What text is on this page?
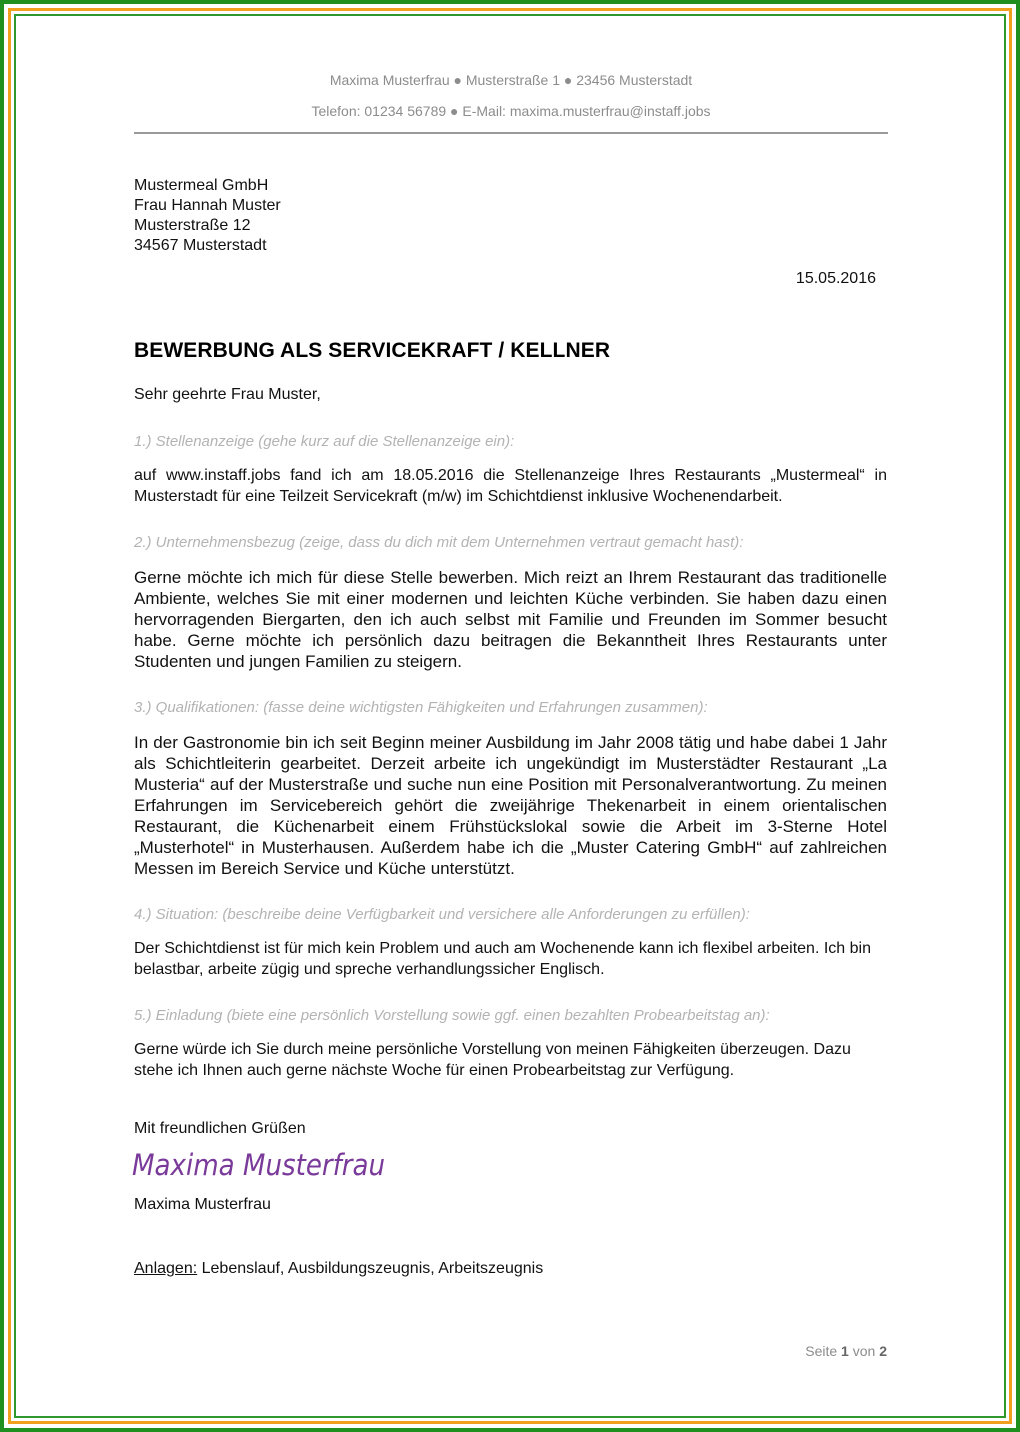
Maxima Musterfrau ● Musterstraße 1 ● 23456 Musterstadt
Telefon: 01234 56789 ● E-Mail: maxima.musterfrau@instaff.jobs
Mustermeal GmbH
Frau Hannah Muster
Musterstraße 12
34567 Musterstadt
15.05.2016
BEWERBUNG ALS SERVICEKRAFT / KELLNER
Sehr geehrte Frau Muster,
1.) Stellenanzeige (gehe kurz auf die Stellenanzeige ein):
auf www.instaff.jobs fand ich am 18.05.2016 die Stellenanzeige Ihres Restaurants „Mustermeal“ in Musterstadt für eine Teilzeit Servicekraft (m/w) im Schichtdienst inklusive Wochenendarbeit.
2.) Unternehmensbezug (zeige, dass du dich mit dem Unternehmen vertraut gemacht hast):
Gerne möchte ich mich für diese Stelle bewerben. Mich reizt an Ihrem Restaurant das traditionelle Ambiente, welches Sie mit einer modernen und leichten Küche verbinden. Sie haben dazu einen hervorragenden Biergarten, den ich auch selbst mit Familie und Freunden im Sommer besucht habe. Gerne möchte ich persönlich dazu beitragen die Bekanntheit Ihres Restaurants unter Studenten und jungen Familien zu steigern.
3.) Qualifikationen: (fasse deine wichtigsten Fähigkeiten und Erfahrungen zusammen):
In der Gastronomie bin ich seit Beginn meiner Ausbildung im Jahr 2008 tätig und habe dabei 1 Jahr als Schichtleiterin gearbeitet. Derzeit arbeite ich ungekündigt im Musterstädter Restaurant „La Musteria“ auf der Musterstraße und suche nun eine Position mit Personalverantwortung. Zu meinen Erfahrungen im Servicebereich gehört die zweijährige Thekenarbeit in einem orientalischen Restaurant, die Küchenarbeit einem Frühstückslokal sowie die Arbeit im 3-Sterne Hotel „Musterhotel“ in Musterhausen. Außerdem habe ich die „Muster Catering GmbH“ auf zahlreichen Messen im Bereich Service und Küche unterstützt.
4.) Situation: (beschreibe deine Verfügbarkeit und versichere alle Anforderungen zu erfüllen):
Der Schichtdienst ist für mich kein Problem und auch am Wochenende kann ich flexibel arbeiten. Ich bin belastbar, arbeite zügig und spreche verhandlungssicher Englisch.
5.) Einladung (biete eine persönlich Vorstellung sowie ggf. einen bezahlten Probearbeitstag an):
Gerne würde ich Sie durch meine persönliche Vorstellung von meinen Fähigkeiten überzeugen. Dazu stehe ich Ihnen auch gerne nächste Woche für einen Probearbeitstag zur Verfügung.
Mit freundlichen Grüßen
Maxima Musterfrau
Maxima Musterfrau
Anlagen: Lebenslauf, Ausbildungszeugnis, Arbeitszeugnis
Seite 1 von 2
